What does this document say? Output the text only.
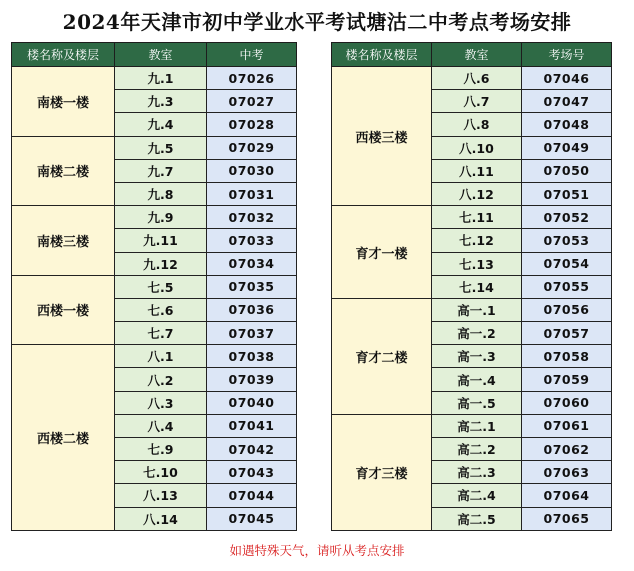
2024年天津市初中学业水平考试塘沽二中考点考场安排
楼名称及楼层	教室	中考
南楼一楼	九.1	07026
	九.3	07027
	九.4	07028
南楼二楼	九.5	07029
	九.7	07030
	九.8	07031
南楼三楼	九.9	07032
	九.11	07033
	九.12	07034
西楼一楼	七.5	07035
	七.6	07036
	七.7	07037
西楼二楼	八.1	07038
	八.2	07039
	八.3	07040
	八.4	07041
	七.9	07042
	七.10	07043
	八.13	07044
	八.14	07045
楼名称及楼层	教室	考场号
西楼三楼	八.6	07046
	八.7	07047
	八.8	07048
	八.10	07049
	八.11	07050
	八.12	07051
育才一楼	七.11	07052
	七.12	07053
	七.13	07054
	七.14	07055
育才二楼	高一.1	07056
	高一.2	07057
	高一.3	07058
	高一.4	07059
	高一.5	07060
育才三楼	高二.1	07061
	高二.2	07062
	高二.3	07063
	高二.4	07064
	高二.5	07065
如遇特殊天气，请听从考点安排
